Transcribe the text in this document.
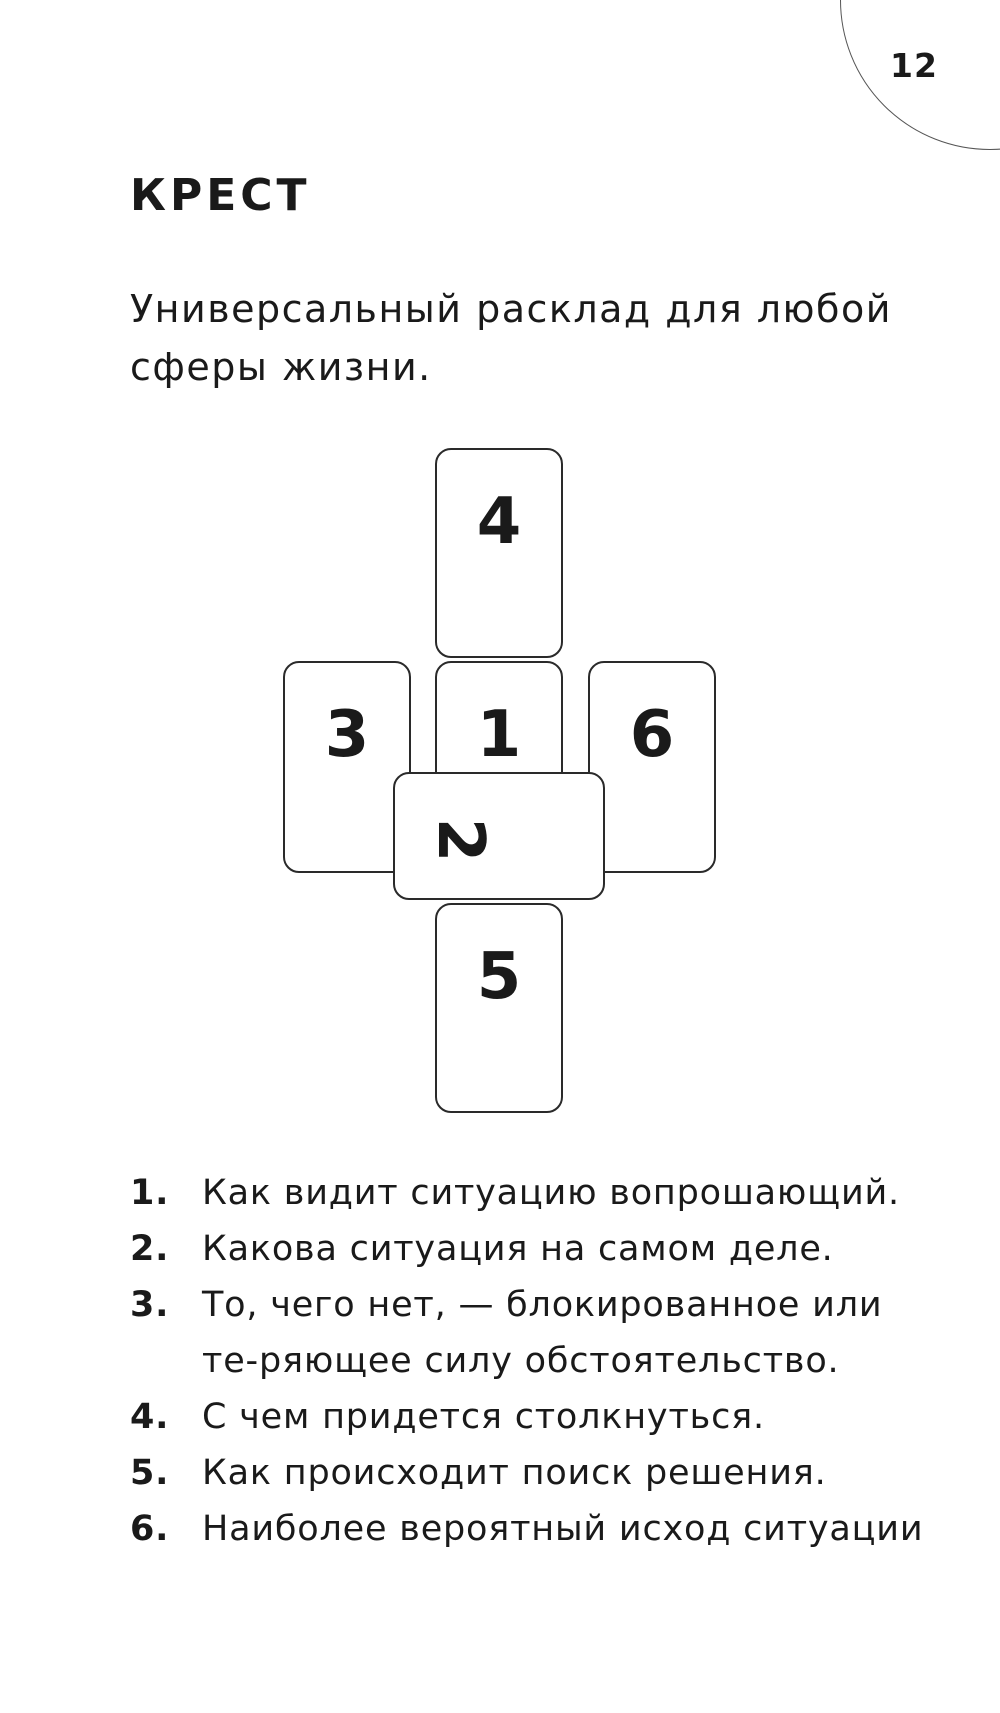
12
КРЕСТ

Универсальный расклад для любой сферы жизни.

4
3	1	6
2
5
1. Как видит ситуацию вопрошающий.
2. Какова ситуация на самом деле.
3. То, чего нет, — блокированное или те-ряющее силу обстоятельство.
4. С чем придется столкнуться.
5. Как происходит поиск решения.
6. Наиболее вероятный исход ситуации
